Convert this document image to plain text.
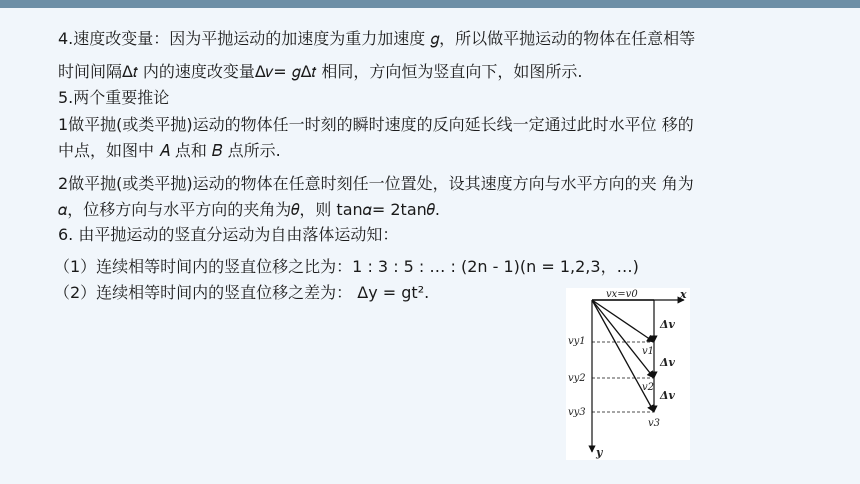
4.速度改变量：因为平抛运动的加速度为重力加速度 𝑔，所以做平抛运动的物体在任意相等
时间间隔Δ𝑡 内的速度改变量Δ𝑣= 𝑔Δ𝑡 相同，方向恒为竖直向下，如图所示.
5.两个重要推论
1做平抛(或类平抛)运动的物体任一时刻的瞬时速度的反向延长线一定通过此时水平位 移的
中点，如图中 𝐴 点和 𝐵 点所示.
2做平抛(或类平抛)运动的物体在任意时刻任一位置处，设其速度方向与水平方向的夹 角为
𝛼，位移方向与水平方向的夹角为𝜃，则 tan𝛼= 2tan𝜃.
6. 由平抛运动的竖直分运动为自由落体运动知：
（1）连续相等时间内的竖直位移之比为：1 : 3 : 5 : … : (2n - 1)(n = 1,2,3，…)
（2）连续相等时间内的竖直位移之差为： Δy = gt².	vx=v0	x
y
vy1
vy2
vy3
v1
v2
v3
Δv
Δv
Δv
